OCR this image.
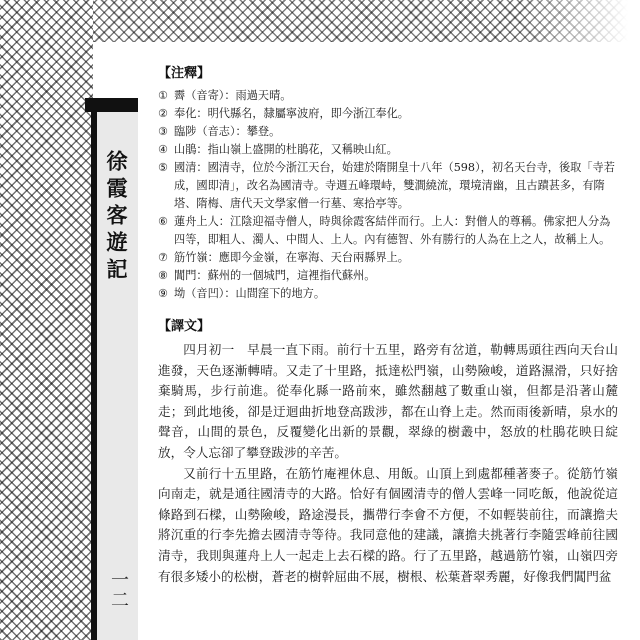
徐霞客遊記
一二
【注釋】
① 霽（音寄）：雨過天晴。
② 奉化：明代縣名，隸屬寧波府，即今浙江奉化。
③ 臨陟（音志）：攀登。
④ 山鵑：指山嶺上盛開的杜鵑花，又稱映山紅。
⑤ 國清：國清寺，位於今浙江天台，始建於隋開皇十八年（598），初名天台寺，後取「寺若成，國即清」，改名為國清寺。寺週五峰環峙，雙澗繞流，環境清幽，且古蹟甚多，有隋塔、隋梅、唐代天文學家僧一行墓、寒拾亭等。
⑥ 蓮舟上人：江陰迎福寺僧人，時與徐霞客結伴而行。上人：對僧人的尊稱。佛家把人分為四等，即粗人、濁人、中間人、上人。內有德智、外有勝行的人為在上之人，故稱上人。
⑦ 筋竹嶺：應即今金嶺，在寧海、天台兩縣界上。
⑧ 閶門：蘇州的一個城門，這裡指代蘇州。
⑨ 坳（音凹）：山間窪下的地方。
【譯文】

四月初一　早晨一直下雨。前行十五里，路旁有岔道，勒轉馬頭往西向天台山進發，天色逐漸轉晴。又走了十里路，抵達松門嶺，山勢險峻，道路濕滑，只好捨棄騎馬，步行前進。從奉化縣一路前來，雖然翻越了數重山嶺，但都是沿著山麓走；到此地後，卻是迂迴曲折地登高跋涉，都在山脊上走。然而雨後新晴，泉水的聲音，山間的景色，反覆變化出新的景觀，翠綠的樹叢中，怒放的杜鵑花映日綻放，令人忘卻了攀登跋涉的辛苦。

又前行十五里路，在筋竹庵裡休息、用飯。山頂上到處都種著麥子。從筋竹嶺向南走，就是通往國清寺的大路。恰好有個國清寺的僧人雲峰一同吃飯，他說從這條路到石樑，山勢險峻，路途漫長，攜帶行李會不方便，不如輕裝前往，而讓擔夫將沉重的行李先擔去國清寺等待。我同意他的建議，讓擔夫挑著行李隨雲峰前往國清寺，我則與蓮舟上人一起走上去石樑的路。行了五里路，越過筋竹嶺，山嶺四旁有很多矮小的松樹，蒼老的樹幹屈曲不展，樹根、松葉蒼翠秀麗，好像我們閶門盆
